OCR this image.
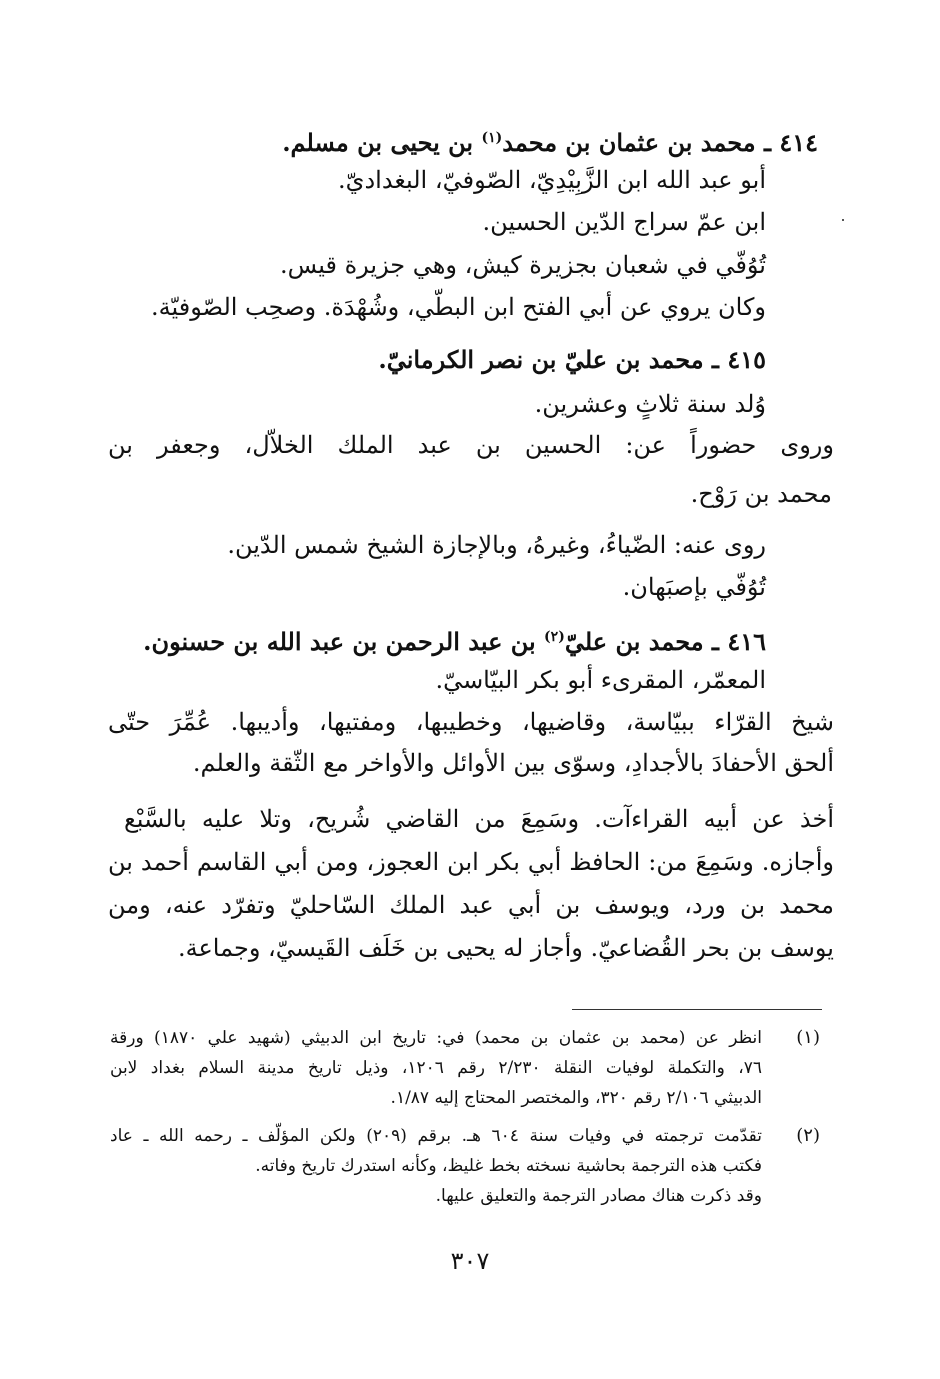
٤١٤ ـ محمد بن عثمان بن محمد$^{(١)}$ بن يحيى بن مسلم.
أبو عبد الله ابن الزَّبِيْدِيّ، الصّوفيّ، البغداديّ.
ابن عمّ سراج الدّين الحسين.
تُوُفّي في شعبان بجزيرة كيش، وهي جزيرة قيس.
وكان يروي عن أبي الفتح ابن البطّي، وشُهْدَة. وصحِب الصّوفيّة.
٤١٥ ـ محمد بن عليّ بن نصر الكرمانيّ.
وُلد سنة ثلاثٍ وعشرين.
وروى حضوراً عن: الحسين بن عبد الملك الخلاّل، وجعفر بن
محمد بن رَوْح.
روى عنه: الضّياءُ، وغيرهُ، وبالإجازة الشيخ شمس الدّين.
تُوُفّي بإصبَهان.
٤١٦ ـ محمد بن عليّ$^{(٢)}$ بن عبد الرحمن بن عبد الله بن حسنون.
المعمّر، المقرىء أبو بكر البيّاسيّ.
شيخ القرّاء ببيّاسة، وقاضيها، وخطيبها، ومفتيها، وأديبها. عُمِّرَ حتّى
ألحق الأحفادَ بالأجدادِ، وسوّى بين الأوائل والأواخر مع الثّقة والعلم.
أخذ عن أبيه القراءآت. وسَمِعَ من القاضي شُريح، وتلا عليه بالسَّبْع
وأجازه. وسَمِعَ من: الحافظ أبي بكر ابن العجوز، ومن أبي القاسم أحمد بن
محمد بن ورد، ويوسف بن أبي عبد الملك السّاحليّ وتفرّد عنه، ومن
يوسف بن بحر القُضاعيّ. وأجاز له يحيى بن خَلَف القَيسيّ، وجماعة.
(١)
انظر عن (محمد بن عثمان بن محمد) في: تاريخ ابن الدبيثي (شهيد علي ١٨٧٠) ورقة
٧٦، والتكملة لوفيات النقلة ٢/٢٣٠ رقم ١٢٠٦، وذيل تاريخ مدينة السلام بغداد لابن
الدبيثي ٢/١٠٦ رقم ٣٢٠، والمختصر المحتاج إليه ١/٨٧.
(٢)
تقدّمت ترجمته في وفيات سنة ٦٠٤ هـ. برقم (٢٠٩) ولكن المؤلّف ـ رحمه الله ـ عاد
فكتب هذه الترجمة بحاشية نسخته بخط غليظ، وكأنه استدرك تاريخ وفاته.
وقد ذكرت هناك مصادر الترجمة والتعليق عليها.
٣٠٧
